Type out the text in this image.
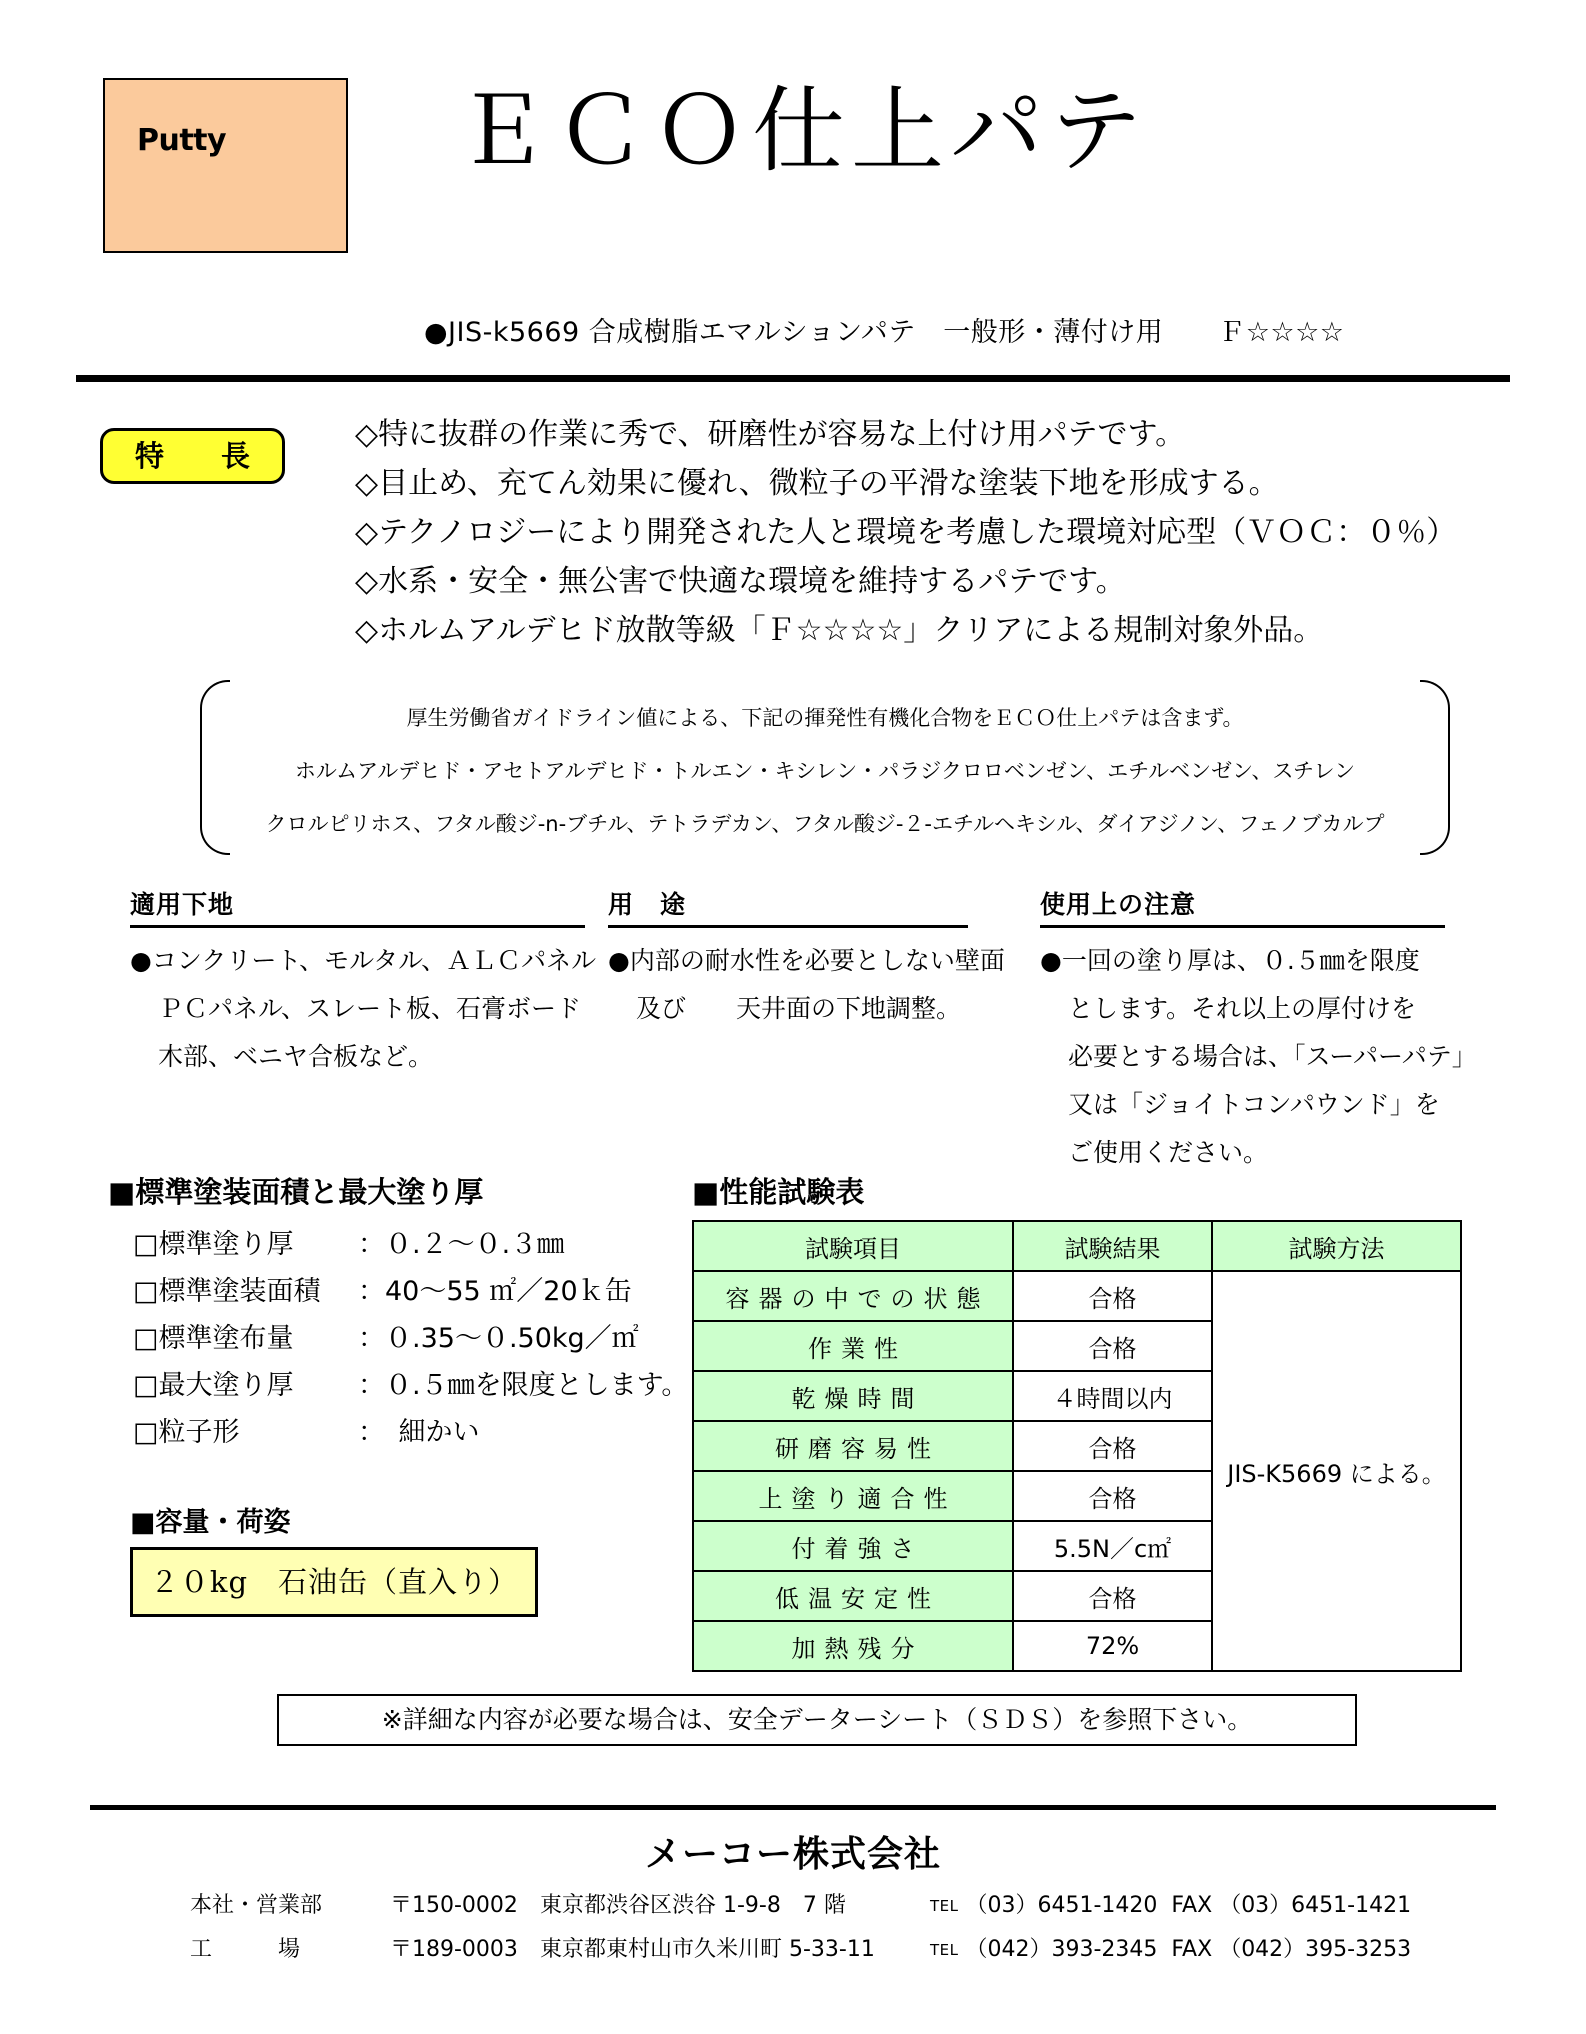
Putty ＥＣＯ仕上パテ
●JIS-k5669 合成樹脂エマルションパテ　一般形・薄付け用　　Ｆ☆☆☆☆
特　長
◇特に抜群の作業に秀で、研磨性が容易な上付け用パテです。
◇目止め、充てん効果に優れ、微粒子の平滑な塗装下地を形成する。
◇テクノロジーにより開発された人と環境を考慮した環境対応型（ＶＯＣ：０％）
◇水系・安全・無公害で快適な環境を維持するパテです。
◇ホルムアルデヒド放散等級「Ｆ☆☆☆☆」クリアによる規制対象外品。
厚生労働省ガイドライン値による、下記の揮発性有機化合物をＥＣＯ仕上パテは含まず。
ホルムアルデヒド・アセトアルデヒド・トルエン・キシレン・パラジクロロベンゼン、エチルベンゼン、スチレン
クロルピリホス、フタル酸ジ-n-ブチル、テトラデカン、フタル酸ジ-２-エチルヘキシル、ダイアジノン、フェノブカルプ
適用下地

●コンクリート、モルタル、ＡＬＣパネル

ＰＣパネル、スレート板、石膏ボード

木部、ベニヤ合板など。

用　途

●内部の耐水性を必要としない壁面

及び　　天井面の下地調整。

使用上の注意

●一回の塗り厚は、０.５㎜を限度

とします。それ以上の厚付けを

必要とする場合は、「スーパーパテ」

又は「ジョイトコンパウンド」を

ご使用ください。

■標準塗装面積と最大塗り厚
□標準塗り厚 ：０.２〜０.３㎜
□標準塗装面積 ：40〜55 ㎡／20ｋ缶
□標準塗布量 ：０.35〜０.50kg／㎡
□最大塗り厚 ：０.５㎜を限度とします。
□粒子形	：　細かい
■容量・荷姿
２０kg　石油缶（直入り）
■性能試験表
試験項目	試験結果	試験方法
容器の中での状態	合格	JIS-K5669 による。
作業性	合格	
乾燥時間	４時間以内	
研磨容易性	合格	
上塗り適合性	合格	
付着強さ	5.5N／c㎡	
低温安定性	合格	
加熱残分	72%	
※詳細な内容が必要な場合は、安全データーシート（ＳＤＳ）を参照下さい。
メーコー株式会社
本社・営業部	〒150-0002 東京都渋谷区渋谷 1-9-8　7 階	TEL （03）6451-1420 FAX （03）6451-1421
工　　　場	〒189-0003 東京都東村山市久米川町 5-33-11	TEL （042）393-2345 FAX （042）395-3253
